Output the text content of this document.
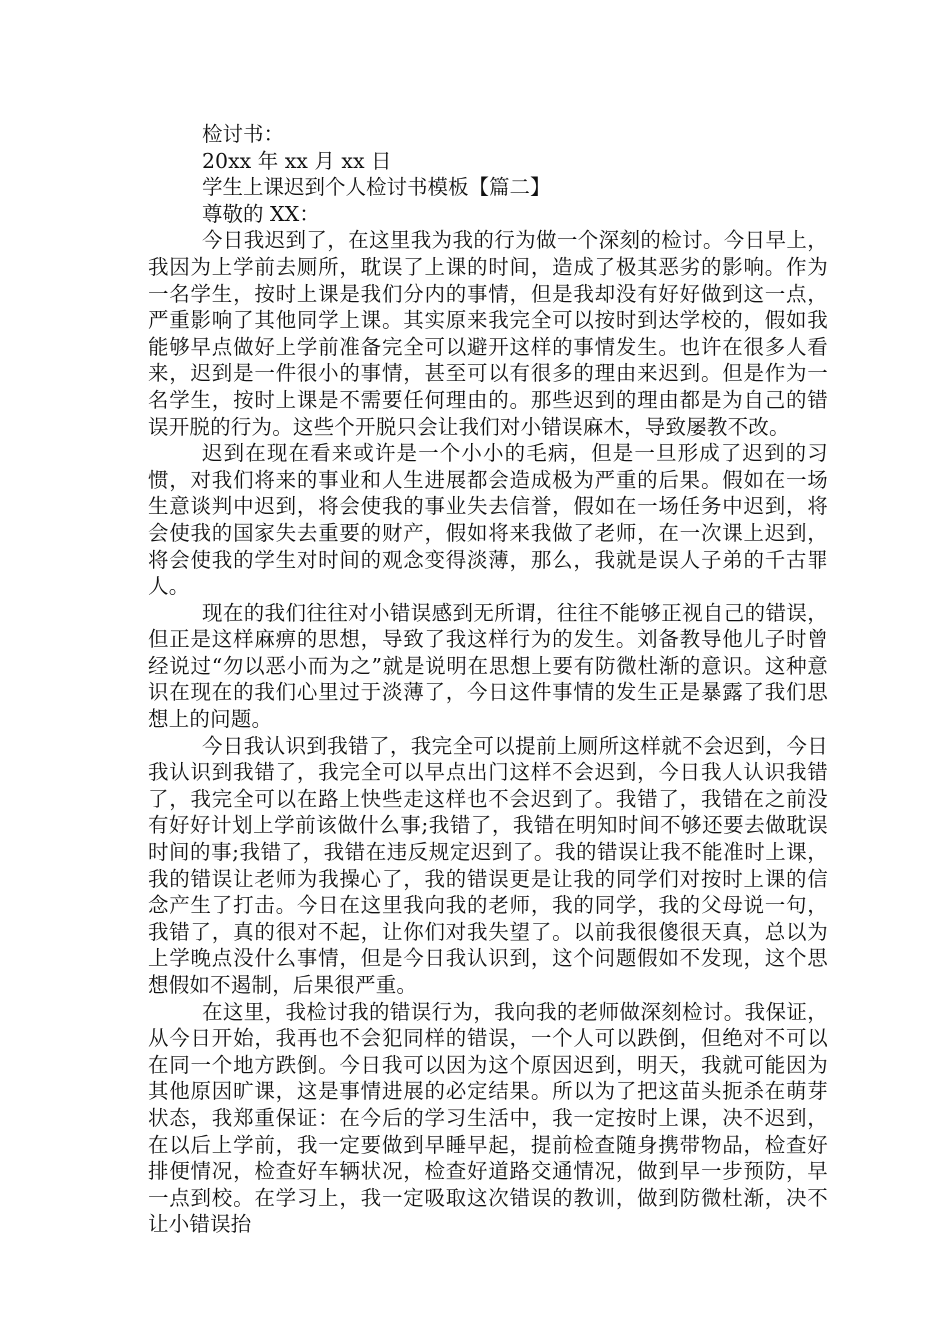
检讨书：

20xx 年 xx 月 xx 日

学生上课迟到个人检讨书模板【篇二】

尊敬的 XX：

今日我迟到了，在这里我为我的行为做一个深刻的检讨。今日早上，我因为上学前去厕所，耽误了上课的时间，造成了极其恶劣的影响。作为一名学生，按时上课是我们分内的事情，但是我却没有好好做到这一点，严重影响了其他同学上课。其实原来我完全可以按时到达学校的，假如我能够早点做好上学前准备完全可以避开这样的事情发生。也许在很多人看来，迟到是一件很小的事情，甚至可以有很多的理由来迟到。但是作为一名学生，按时上课是不需要任何理由的。那些迟到的理由都是为自己的错误开脱的行为。这些个开脱只会让我们对小错误麻木，导致屡教不改。

迟到在现在看来或许是一个小小的毛病，但是一旦形成了迟到的习惯，对我们将来的事业和人生进展都会造成极为严重的后果。假如在一场生意谈判中迟到，将会使我的事业失去信誉，假如在一场任务中迟到，将会使我的国家失去重要的财产，假如将来我做了老师，在一次课上迟到，将会使我的学生对时间的观念变得淡薄，那么，我就是误人子弟的千古罪人。

现在的我们往往对小错误感到无所谓，往往不能够正视自己的错误，但正是这样麻痹的思想，导致了我这样行为的发生。刘备教导他儿子时曾经说过“勿以恶小而为之”就是说明在思想上要有防微杜渐的意识。这种意识在现在的我们心里过于淡薄了，今日这件事情的发生正是暴露了我们思想上的问题。

今日我认识到我错了，我完全可以提前上厕所这样就不会迟到，今日我认识到我错了，我完全可以早点出门这样不会迟到，今日我人认识我错了，我完全可以在路上快些走这样也不会迟到了。我错了，我错在之前没有好好计划上学前该做什么事;我错了，我错在明知时间不够还要去做耽误时间的事;我错了，我错在违反规定迟到了。我的错误让我不能准时上课，我的错误让老师为我操心了，我的错误更是让我的同学们对按时上课的信念产生了打击。今日在这里我向我的老师，我的同学，我的父母说一句，我错了，真的很对不起，让你们对我失望了。以前我很傻很天真，总以为上学晚点没什么事情，但是今日我认识到，这个问题假如不发现，这个思想假如不遏制，后果很严重。

在这里，我检讨我的错误行为，我向我的老师做深刻检讨。我保证，从今日开始，我再也不会犯同样的错误，一个人可以跌倒，但绝对不可以在同一个地方跌倒。今日我可以因为这个原因迟到，明天，我就可能因为其他原因旷课，这是事情进展的必定结果。所以为了把这苗头扼杀在萌芽状态，我郑重保证：在今后的学习生活中，我一定按时上课，决不迟到，在以后上学前，我一定要做到早睡早起，提前检查随身携带物品，检查好排便情况，检查好车辆状况，检查好道路交通情况，做到早一步预防，早一点到校。在学习上，我一定吸取这次错误的教训，做到防微杜渐，决不让小错误抬
